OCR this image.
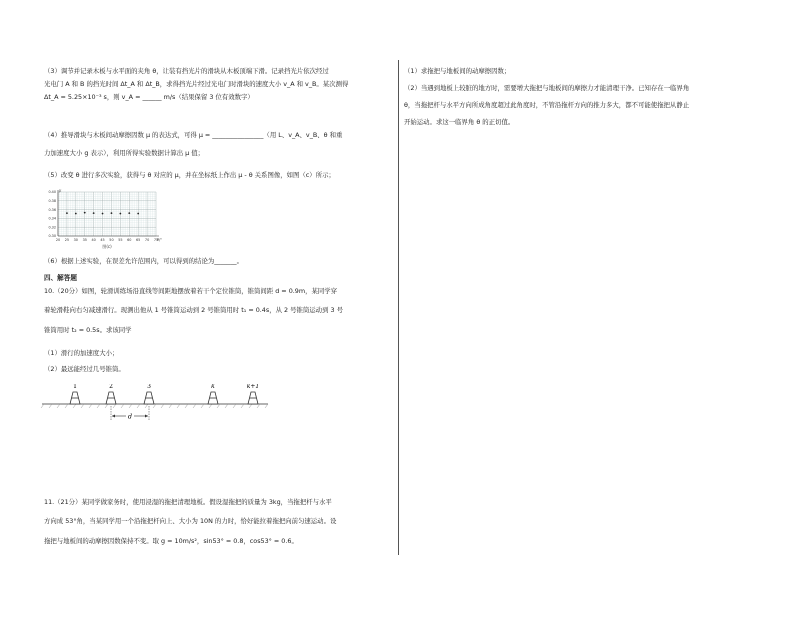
（3）调节并记录木板与水平面的夹角 θ，让装有挡光片的滑块从木板顶端下滑。记录挡光片依次经过
光电门 A 和 B 的挡光时间 Δt_A 和 Δt_B，求得挡光片经过光电门时滑块的速度大小 v_A 和 v_B。某次测得
Δt_A = 5.25×10⁻³ s，则 v_A = ______ m/s（结果保留 3 位有效数字）
（4）推导滑块与木板间动摩擦因数 μ 的表达式，可得 μ = ________________（用 L、v_A、v_B、θ 和重
力加速度大小 g 表示），利用所得实验数据计算出 μ 值；
（5）改变 θ 进行多次实验，获得与 θ 对应的 μ，并在坐标纸上作出 μ - θ 关系图像，如图（c）所示；
0.40
0.38
0.36
0.34
0.32
0.30
20 25 30 35 40 45 50 55 60 65 70 75
μ
θ/°
图(c)
（6）根据上述实验，在误差允许范围内，可以得到的结论为_______。
四、解答题
10.（20分）如图，轮滑训练场沿直线等间距地摆放着若干个定位锥筒，锥筒间距 d = 0.9m，某同学穿
着轮滑鞋向右匀减速滑行。现测出他从 1 号锥筒运动到 2 号锥筒用时 t₁ = 0.4s，从 2 号锥筒运动到 3 号
锥筒用时 t₂ = 0.5s。求该同学
（1）滑行的加速度大小；
（2）最远能经过几号锥筒。
1	2	3	k	k+1
d
11.（21分）某同学做家务时，使用浸湿的拖把清理地板。假设湿拖把的质量为 3kg，当拖把杆与水平
方向成 53°角，当某同学用一个沿拖把杆向上、大小为 10N 的力时，恰好能拉着拖把向前匀速运动。设
拖把与地板间的动摩擦因数保持不变。取 g = 10m/s²，sin53° = 0.8，cos53° = 0.6。
（1）求拖把与地板间的动摩擦因数；
（2）当遇到地板上较脏的地方时，需要增大拖把与地板间的摩擦力才能清理干净。已知存在一临界角
θ，当拖把杆与水平方向所成角度超过此角度时，不管沿拖杆方向的推力多大，都不可能使拖把从静止
开始运动。求这一临界角 θ 的正切值。
